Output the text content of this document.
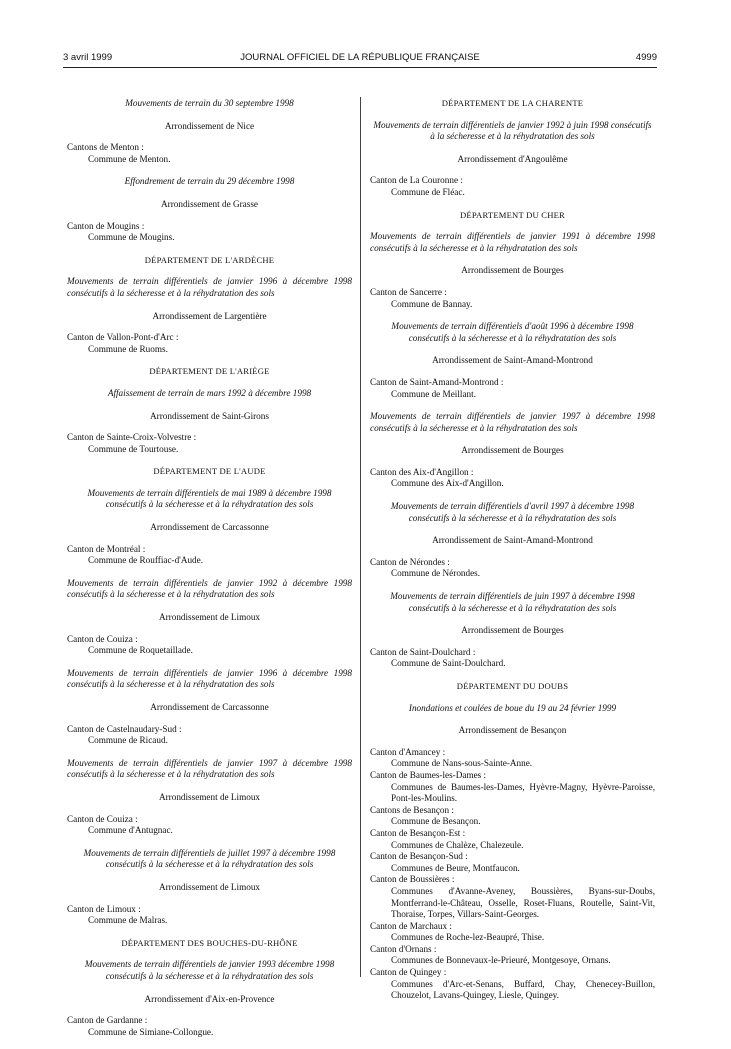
3 avril 1999	JOURNAL OFFICIEL DE LA RÉPUBLIQUE FRANÇAISE	4999

Mouvements de terrain du 30 septembre 1998

Arrondissement de Nice

Cantons de Menton :

Commune de Menton.

Effondrement de terrain du 29 décembre 1998

Arrondissement de Grasse

Canton de Mougins :

Commune de Mougins.

DÉPARTEMENT DE L'ARDÈCHE

Mouvements de terrain différentiels de janvier 1996 à décembre 1998 consécutifs à la sécheresse et à la réhydratation des sols

Arrondissement de Largentière

Canton de Vallon-Pont-d'Arc :

Commune de Ruoms.

DÉPARTEMENT DE L'ARIÈGE

Affaissement de terrain de mars 1992 à décembre 1998

Arrondissement de Saint-Girons

Canton de Sainte-Croix-Volvestre :

Commune de Tourtouse.

DÉPARTEMENT DE L'AUDE

Mouvements de terrain différentiels de mai 1989 à décembre 1998 consécutifs à la sécheresse et à la réhydratation des sols

Arrondissement de Carcassonne

Canton de Montréal :

Commune de Rouffiac-d'Aude.

Mouvements de terrain différentiels de janvier 1992 à décembre 1998 consécutifs à la sécheresse et à la réhydratation des sols

Arrondissement de Limoux

Canton de Couiza :

Commune de Roquetaillade.

Mouvements de terrain différentiels de janvier 1996 à décembre 1998 consécutifs à la sécheresse et à la réhydratation des sols

Arrondissement de Carcassonne

Canton de Castelnaudary-Sud :

Commune de Ricaud.

Mouvements de terrain différentiels de janvier 1997 à décembre 1998 consécutifs à la sécheresse et à la réhydratation des sols

Arrondissement de Limoux

Canton de Couiza :

Commune d'Antugnac.

Mouvements de terrain différentiels de juillet 1997 à décembre 1998 consécutifs à la sécheresse et à la réhydratation des sols

Arrondissement de Limoux

Canton de Limoux :

Commune de Malras.

DÉPARTEMENT DES BOUCHES-DU-RHÔNE

Mouvements de terrain différentiels de janvier 1993 décembre 1998 consécutifs à la sécheresse et à la réhydratation des sols

Arrondissement d'Aix-en-Provence

Canton de Gardanne :

Commune de Simiane-Collongue.

DÉPARTEMENT DE LA CHARENTE

Mouvements de terrain différentiels de janvier 1992 à juin 1998 consécutifs à la sécheresse et à la réhydratation des sols

Arrondissement d'Angoulême

Canton de La Couronne :

Commune de Fléac.

DÉPARTEMENT DU CHER

Mouvements de terrain différentiels de janvier 1991 à décembre 1998 consécutifs à la sécheresse et à la réhydratation des sols

Arrondissement de Bourges

Canton de Sancerre :

Commune de Bannay.

Mouvements de terrain différentiels d'août 1996 à décembre 1998 consécutifs à la sécheresse et à la réhydratation des sols

Arrondissement de Saint-Amand-Montrond

Canton de Saint-Amand-Montrond :

Commune de Meillant.

Mouvements de terrain différentiels de janvier 1997 à décembre 1998 consécutifs à la sécheresse et à la réhydratation des sols

Arrondissement de Bourges

Canton des Aix-d'Angillon :

Commune des Aix-d'Angillon.

Mouvements de terrain différentiels d'avril 1997 à décembre 1998 consécutifs à la sécheresse et à la réhydratation des sols

Arrondissement de Saint-Amand-Montrond

Canton de Nérondes :

Commune de Nérondes.

Mouvements de terrain différentiels de juin 1997 à décembre 1998 consécutifs à la sécheresse et à la réhydratation des sols

Arrondissement de Bourges

Canton de Saint-Doulchard :

Commune de Saint-Doulchard.

DÉPARTEMENT DU DOUBS

Inondations et coulées de boue du 19 au 24 février 1999

Arrondissement de Besançon

Canton d'Amancey :

Commune de Nans-sous-Sainte-Anne.

Canton de Baumes-les-Dames :

Communes de Baumes-les-Dames, Hyèvre-Magny, Hyèvre-Paroisse, Pont-les-Moulins.

Cantons de Besançon :

Commune de Besançon.

Canton de Besançon-Est :

Communes de Chalèze, Chalezeule.

Canton de Besançon-Sud :

Communes de Beure, Montfaucon.

Canton de Boussières :

Communes d'Avanne-Aveney, Boussières, Byans-sur-Doubs, Montferrand-le-Château, Osselle, Roset-Fluans, Routelle, Saint-Vit, Thoraise, Torpes, Villars-Saint-Georges.

Canton de Marchaux :

Communes de Roche-lez-Beaupré, Thise.

Canton d'Ornans :

Communes de Bonnevaux-le-Prieuré, Montgesoye, Ornans.

Canton de Quingey :

Communes d'Arc-et-Senans, Buffard, Chay, Chenecey-Buillon, Chouzelot, Lavans-Quingey, Liesle, Quingey.
